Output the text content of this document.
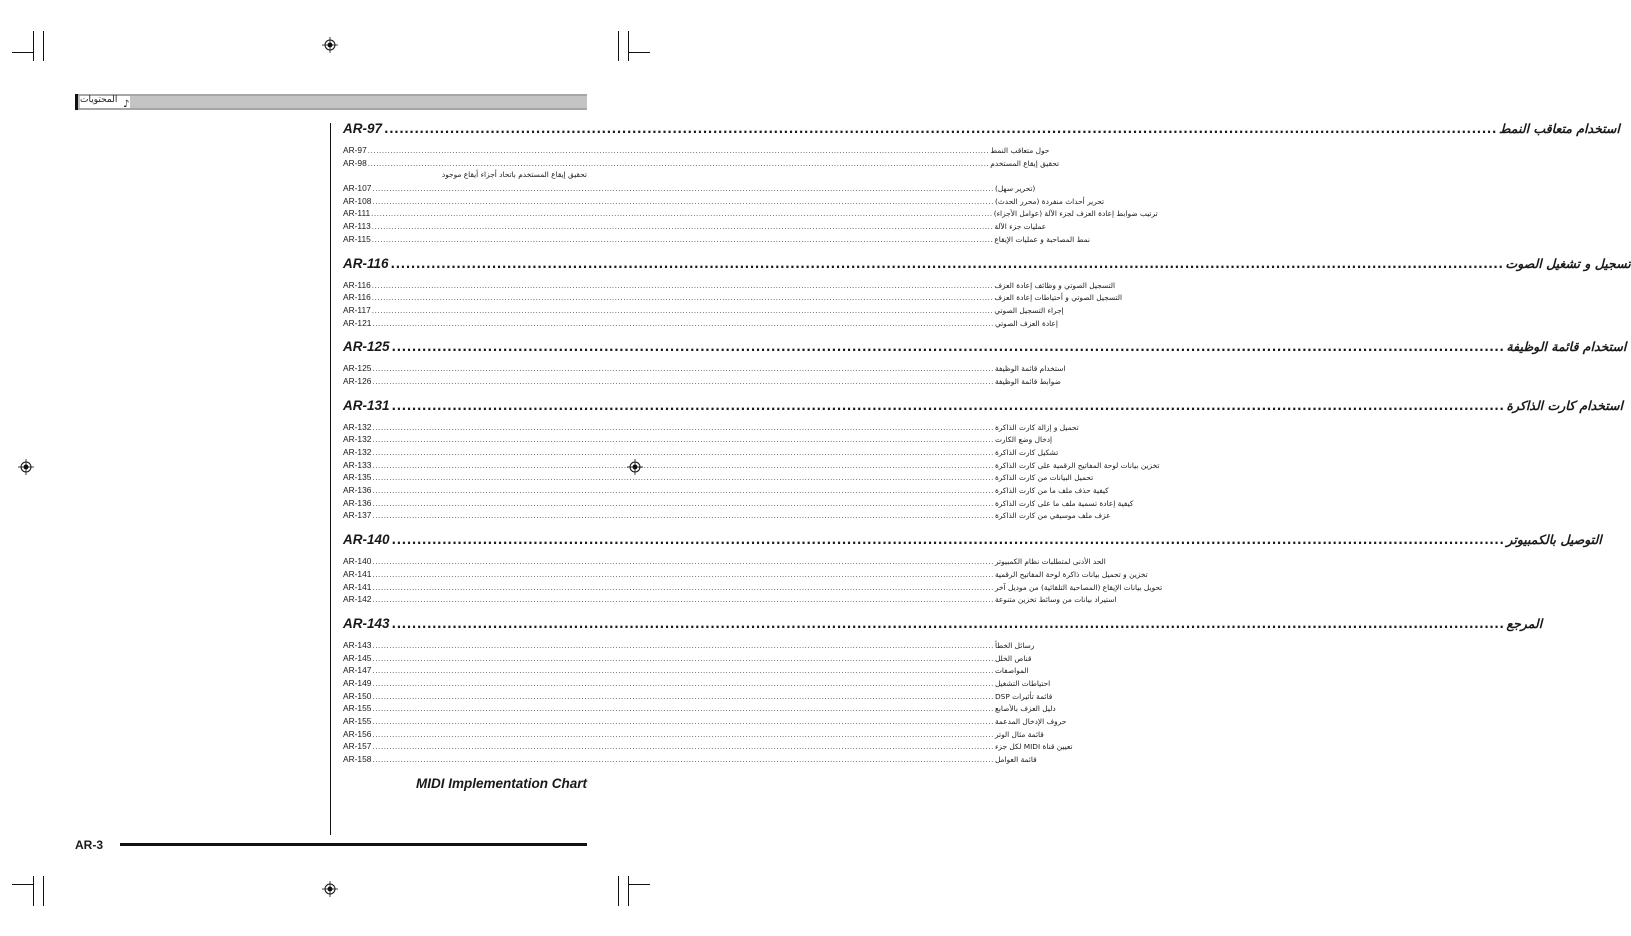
♪
المحتويات
AR-97 ............................................................................................................................................................................................................................ استخدام متعاقب النمط
AR-97 ............................................................................................................................................................................................................................ حول متعاقب النمط
AR-98 ............................................................................................................................................................................................................................ تحقيق إيقاع المستخدم
تحقيق إيقاع المستخدم باتحاد أجزاء أيقاع موجود
AR-107 ............................................................................................................................................................................................................................ (تحرير سهل)
AR-108 ............................................................................................................................................................................................................................ تحرير أحداث منفردة (محرر الحدث)
AR-111 ............................................................................................................................................................................................................................ ترتيب ضوابط إعادة العزف لجزء الآلة (عوامل الأجزاء)
AR-113 ............................................................................................................................................................................................................................ عمليات جزء الآلة
AR-115 ............................................................................................................................................................................................................................ نمط المصاحبة و عمليات الإيقاع
AR-116 ............................................................................................................................................................................................................................ تسجيل و تشغيل الصوت
AR-116 ............................................................................................................................................................................................................................ التسجيل الصوتي و وظائف إعادة العزف
AR-116 ............................................................................................................................................................................................................................ التسجيل الصوتي و أحتياطات إعادة العزف
AR-117 ............................................................................................................................................................................................................................ إجراء التسجيل الصوتي
AR-121 ............................................................................................................................................................................................................................ إعادة العزف الصوتي
AR-125 ............................................................................................................................................................................................................................ استخدام قائمة الوظيفة
AR-125 ............................................................................................................................................................................................................................ استخدام قائمة الوظيفة
AR-126 ............................................................................................................................................................................................................................ ضوابط قائمة الوظيفة
AR-131 ............................................................................................................................................................................................................................ استخدام كارت الذاكرة
AR-132 ............................................................................................................................................................................................................................ تحميل و إزالة كارت الذاكرة
AR-132 ............................................................................................................................................................................................................................ إدخال وضع الكارت
AR-132 ............................................................................................................................................................................................................................ تشكيل كارت الذاكرة
AR-133 ............................................................................................................................................................................................................................ تخزين بيانات لوحة المفاتيح الرقمية على كارت الذاكرة
AR-135 ............................................................................................................................................................................................................................ تحميل البيانات من كارت الذاكرة
AR-136 ............................................................................................................................................................................................................................ كيفية حذف ملف ما من كارت الذاكرة
AR-136 ............................................................................................................................................................................................................................ كيفية إعادة تسمية ملف ما على كارت الذاكرة
AR-137 ............................................................................................................................................................................................................................ عزف ملف موسيقي من كارت الذاكرة
AR-140 ............................................................................................................................................................................................................................ التوصيل بالكمبيوتر
AR-140 ............................................................................................................................................................................................................................ الحد الأدنى لمتطلبات نظام الكمبيوتر
AR-141 ............................................................................................................................................................................................................................ تخزين و تحميل بيانات ذاكرة لوحة المفاتيح الرقمية
AR-141 ............................................................................................................................................................................................................................ تحويل بيانات الإيقاع (المصاحبة التلقائية) من موديل آخر
AR-142 ............................................................................................................................................................................................................................ استيراد بيانات من وسائط تخزين متنوعة
AR-143 ............................................................................................................................................................................................................................ المرجع
AR-143 ............................................................................................................................................................................................................................ رسائل الخطأ
AR-145 ............................................................................................................................................................................................................................ قناص الخلل
AR-147 ............................................................................................................................................................................................................................ المواصفات
AR-149 ............................................................................................................................................................................................................................ احتياطات التشغيل
AR-150 ............................................................................................................................................................................................................................ قائمة تأثيرات DSP
AR-155 ............................................................................................................................................................................................................................ دليل العزف بالأصابع
AR-155 ............................................................................................................................................................................................................................ حروف الإدخال المدعمة
AR-156 ............................................................................................................................................................................................................................ قائمة مثال الوتر
AR-157 ............................................................................................................................................................................................................................ تعيين قناة MIDI لكل جزء
AR-158 ............................................................................................................................................................................................................................ قائمة العوامل
MIDI Implementation Chart
AR-3
